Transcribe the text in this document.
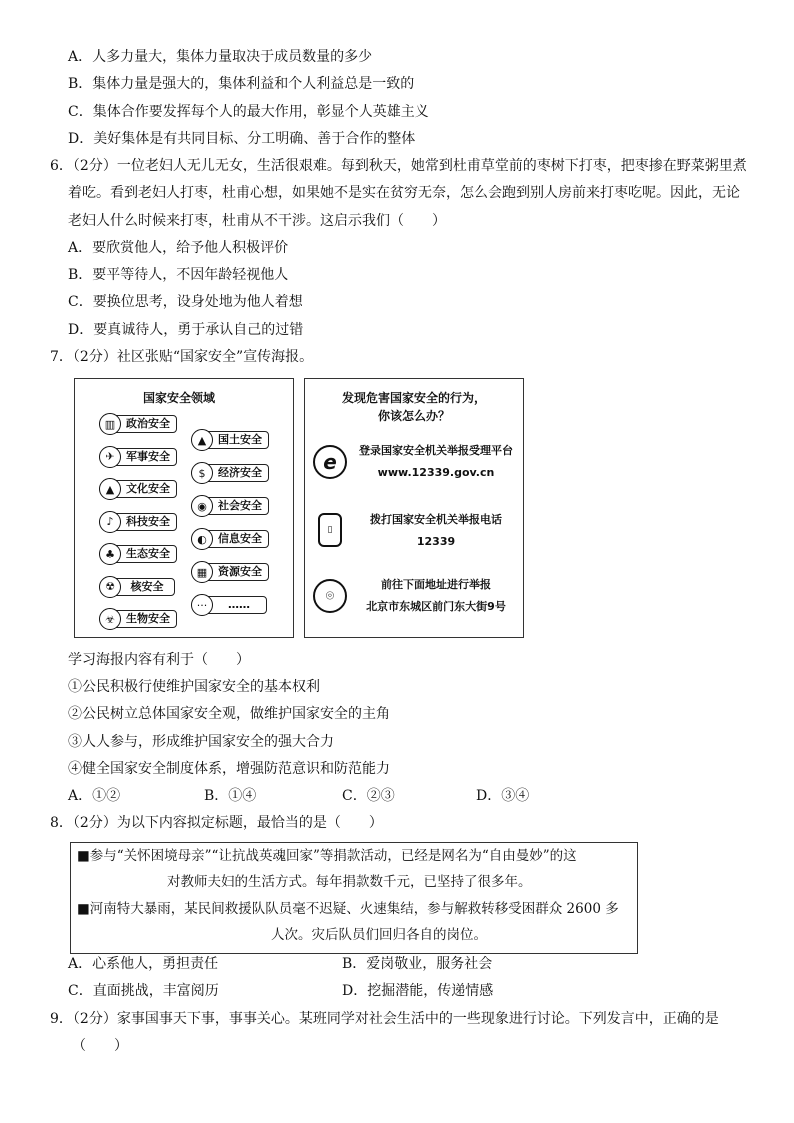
A．人多力量大，集体力量取决于成员数量的多少
B．集体力量是强大的，集体利益和个人利益总是一致的
C．集体合作要发挥每个人的最大作用，彰显个人英雄主义
D．美好集体是有共同目标、分工明确、善于合作的整体
6．（2分）一位老妇人无儿无女，生活很艰难。每到秋天，她常到杜甫草堂前的枣树下打枣，把枣掺在野菜粥里煮
着吃。看到老妇人打枣，杜甫心想，如果她不是实在贫穷无奈，怎么会跑到别人房前来打枣吃呢。因此，无论
老妇人什么时候来打枣，杜甫从不干涉。这启示我们（　　）
A．要欣赏他人，给予他人积极评价
B．要平等待人，不因年龄轻视他人
C．要换位思考，设身处地为他人着想
D．要真诚待人，勇于承认自己的过错
7．（2分）社区张贴“国家安全”宣传海报。
国家安全领域
▥ 政治安全
✈	军事安全
▲	文化安全
♪	科技安全
♣	生态安全
☢	核安全
☣	生物安全
▲	国土安全
$	经济安全
◉	社会安全
◐	信息安全
▦ 资源安全
···	……
发现危害国家安全的行为，
你该怎么办？
e	登录国家安全机关举报受理平台
www.12339.gov.cn
▯
拨打国家安全机关举报电话
12339
⌾
前往下面地址进行举报
北京市东城区前门东大街9号
学习海报内容有利于（　　）
①公民积极行使维护国家安全的基本权利
②公民树立总体国家安全观，做维护国家安全的主角
③人人参与，形成维护国家安全的强大合力
④健全国家安全制度体系，增强防范意识和防范能力
A．①②	B．①④	C．②③	D．③④
8．（2分）为以下内容拟定标题，最恰当的是（　　）
■参与“关怀困境母亲”“让抗战英魂回家”等捐款活动，已经是网名为“自由曼妙”的这
对教师夫妇的生活方式。每年捐款数千元，已坚持了很多年。
■河南特大暴雨，某民间救援队队员毫不迟疑、火速集结，参与解救转移受困群众 2600 多
人次。灾后队员们回归各自的岗位。
A．心系他人，勇担责任	B．爱岗敬业，服务社会
C．直面挑战，丰富阅历	D．挖掘潜能，传递情感
9．（2分）家事国事天下事，事事关心。某班同学对社会生活中的一些现象进行讨论。下列发言中，正确的是
（　　）
